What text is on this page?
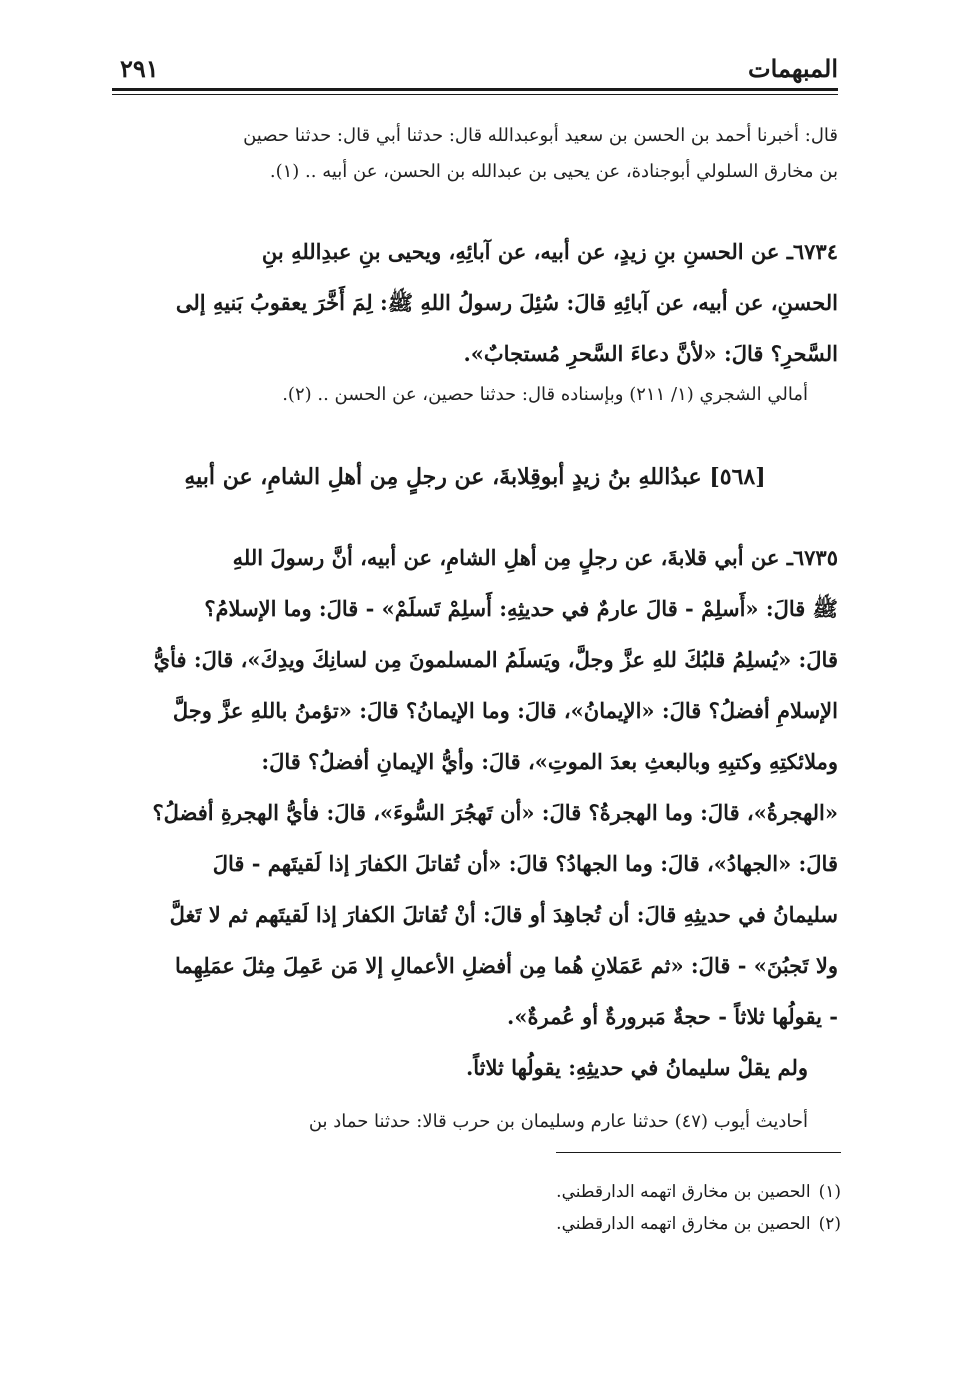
المبهمات
٢٩١
قال: أخبرنا أحمد بن الحسن بن سعيد أبوعبدالله قال: حدثنا أبي قال: حدثنا حصين
بن مخارق السلولي أبوجنادة، عن يحيى بن عبدالله بن الحسن، عن أبيه .. (١).
٦٧٣٤ـ عن الحسنِ بنِ زيدٍ، عن أبيه، عن آبائِهِ، ويحيى بنِ عبدِاللهِ بنِ
الحسنِ، عن أبيه، عن آبائِهِ قالَ: سُئِلَ رسولُ اللهِ ﷺ: لِمَ أَخَّرَ يعقوبُ بَنيهِ إلى
السَّحرِ؟ قالَ: «لأنَّ دعاءَ السَّحرِ مُستجابٌ».
أمالي الشجري (١/ ٢١١) وبإسناده قال: حدثنا حصين، عن الحسن .. (٢).
[٥٦٨] عبدُاللهِ بنُ زيدٍ أبوقِلابةَ، عن رجلٍ مِن أهلِ الشامِ، عن أبيهِ
٦٧٣٥ـ عن أبي قلابةَ، عن رجلٍ مِن أهلِ الشامِ، عن أبيه، أنَّ رسولَ اللهِ
ﷺ قالَ: «أَسلِمْ - قالَ عارمٌ في حديثِهِ: أَسلِمْ تَسلَمْ» - قالَ: وما الإسلامُ؟
قالَ: «يُسلِمُ قلبُكَ للهِ عزَّ وجلَّ، ويَسلَمُ المسلمونَ مِن لسانِكَ ويدِكَ»، قالَ: فأيُّ
الإسلامِ أفضلُ؟ قالَ: «الإيمانُ»، قالَ: وما الإيمانُ؟ قالَ: «تؤمنُ باللهِ عزَّ وجلَّ
وملائكتِهِ وكتبِهِ وبالبعثِ بعدَ الموتِ»، قالَ: وأيُّ الإيمانِ أفضلُ؟ قالَ:
«الهجرةُ»، قالَ: وما الهجرةُ؟ قالَ: «أن تَهجُرَ السُّوءَ»، قالَ: فأيُّ الهجرةِ أفضلُ؟
قالَ: «الجهادُ»، قالَ: وما الجهادُ؟ قالَ: «أن تُقاتلَ الكفارَ إذا لَقيتَهم - قالَ
سليمانُ في حديثِهِ قالَ: أن تُجاهِدَ أو قالَ: أنْ تُقاتلَ الكفارَ إذا لَقيتَهم ثم لا تَغلَّ
ولا تَجبُنَ» - قالَ: «ثم عَمَلانِ هُما مِن أفضلِ الأعمالِ إلا مَن عَمِلَ مِثلَ عمَلِهِما
- يقولُها ثلاثاً - حجةٌ مَبرورةٌ أو عُمرةٌ».
ولم يقلْ سليمانُ في حديثِهِ: يقولُها ثلاثاً.
أحاديث أيوب (٤٧) حدثنا عارم وسليمان بن حرب قالا: حدثنا حماد بن
(١)الحصين بن مخارق اتهمه الدارقطني.
(٢)الحصين بن مخارق اتهمه الدارقطني.
